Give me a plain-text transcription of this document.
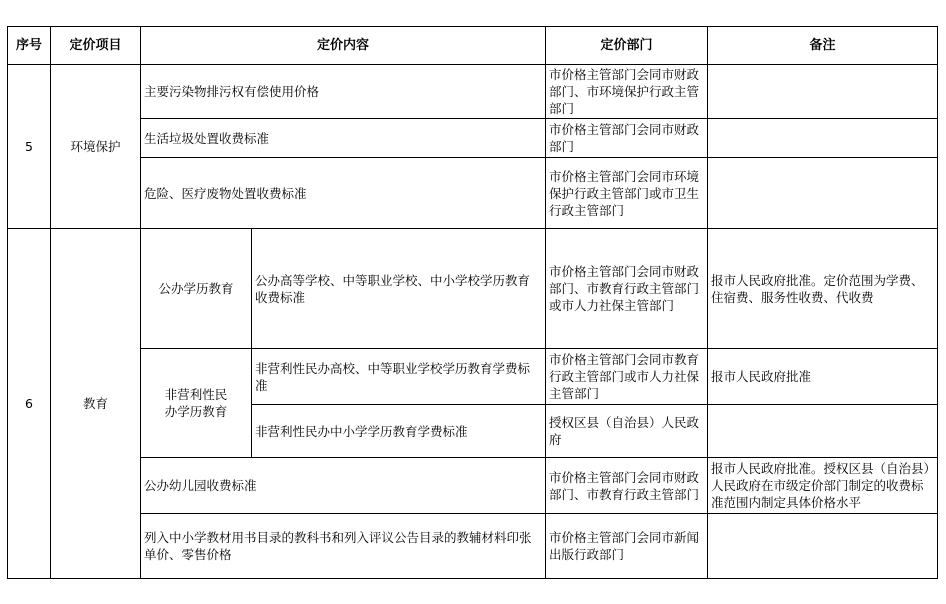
序号	定价项目	定价内容		定价部门	备注
5	环境保护	主要污染物排污权有偿使用价格		市价格主管部门会同市财政部门、市环境保护行政主管部门	
		生活垃圾处置收费标准		市价格主管部门会同市财政部门	
		危险、医疗废物处置收费标准		市价格主管部门会同市环境保护行政主管部门或市卫生行政主管部门	
6	教育	公办学历教育	公办高等学校、中等职业学校、中小学校学历教育收费标准	市价格主管部门会同市财政部门、市教育行政主管部门或市人力社保主管部门	报市人民政府批准。定价范围为学费、住宿费、服务性收费、代收费
		非营利性民办学历教育	非营利性民办高校、中等职业学校学历教育学费标准	市价格主管部门会同市教育行政主管部门或市人力社保主管部门	报市人民政府批准
			非营利性民办中小学学历教育学费标准	授权区县（自治县）人民政府	
		公办幼儿园收费标准		市价格主管部门会同市财政部门、市教育行政主管部门	报市人民政府批准。授权区县（自治县）人民政府在市级定价部门制定的收费标准范围内制定具体价格水平
		列入中小学教材用书目录的教科书和列入评议公告目录的教辅材料印张单价、零售价格		市价格主管部门会同市新闻出版行政部门	
